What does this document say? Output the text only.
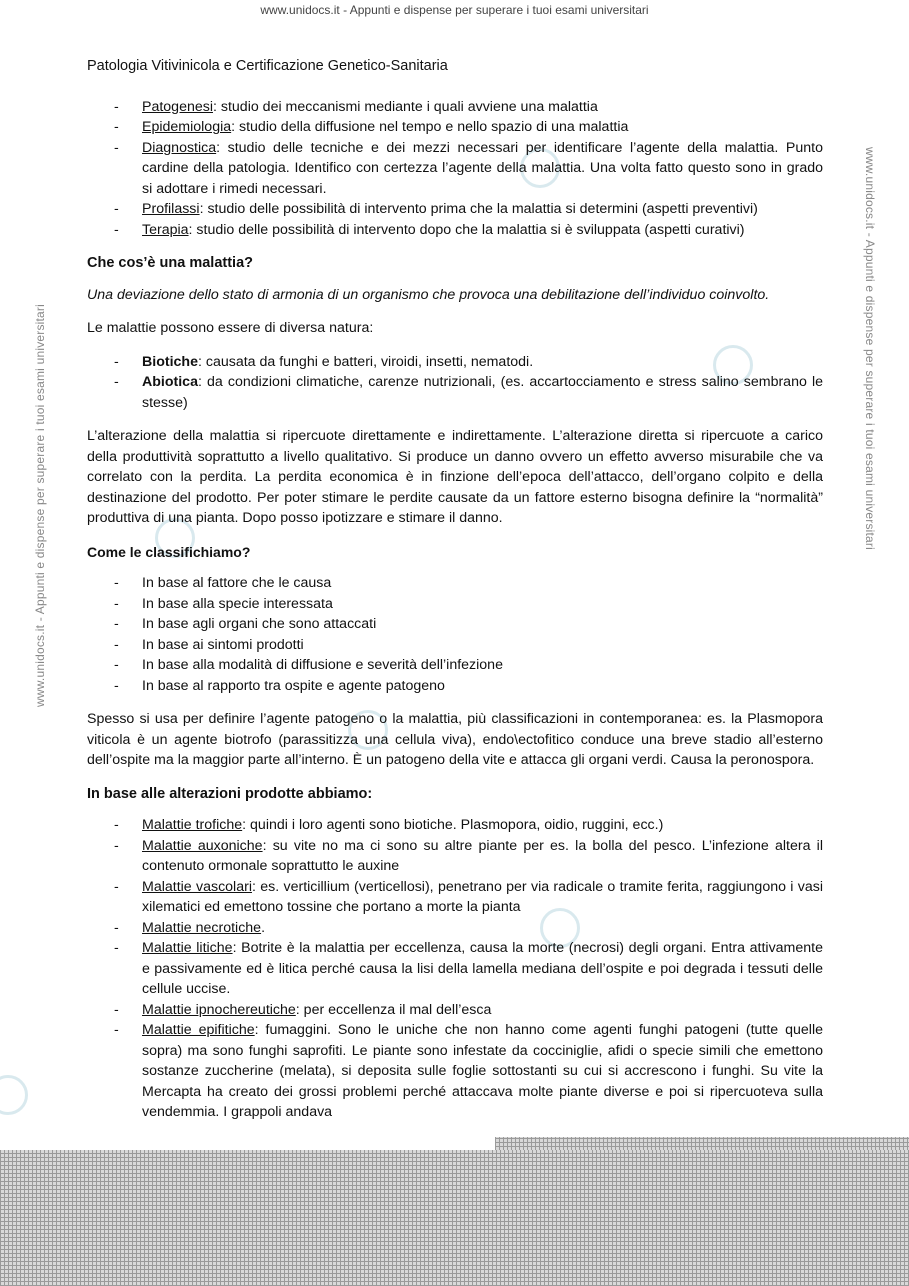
www.unidocs.it - Appunti e dispense per superare i tuoi esami universitari
www.unidocs.it - Appunti e dispense per superare i tuoi esami universitari	www.unidocs.it - Appunti e dispense per superare i tuoi esami universitari
Patologia Vitivinicola e Certificazione Genetico-Sanitaria
- Patogenesi: studio dei meccanismi mediante i quali avviene una malattia
- Epidemiologia: studio della diffusione nel tempo e nello spazio di una malattia
- Diagnostica: studio delle tecniche e dei mezzi necessari per identificare l’agente della malattia. Punto cardine della patologia. Identifico con certezza l’agente della malattia. Una volta fatto questo sono in grado si adottare i rimedi necessari.
- Profilassi: studio delle possibilità di intervento prima che la malattia si determini (aspetti preventivi)
- Terapia: studio delle possibilità di intervento dopo che la malattia si è sviluppata (aspetti curativi)
Che cos’è una malattia?

Una deviazione dello stato di armonia di un organismo che provoca una debilitazione dell’individuo coinvolto.

Le malattie possono essere di diversa natura:

- Biotiche: causata da funghi e batteri, viroidi, insetti, nematodi.
- Abiotica: da condizioni climatiche, carenze nutrizionali, (es. accartocciamento e stress salino sembrano le stesse)

L’alterazione della malattia si ripercuote direttamente e indirettamente. L’alterazione diretta si ripercuote a carico della produttività soprattutto a livello qualitativo. Si produce un danno ovvero un effetto avverso misurabile che va correlato con la perdita. La perdita economica è in finzione dell’epoca dell’attacco, dell’organo colpito e della destinazione del prodotto. Per poter stimare le perdite causate da un fattore esterno bisogna definire la “normalità” produttiva di una pianta. Dopo posso ipotizzare e stimare il danno.

Come le classifichiamo?
- In base al fattore che le causa
- In base alla specie interessata
- In base agli organi che sono attaccati
- In base ai sintomi prodotti
- In base alla modalità di diffusione e severità dell’infezione
- In base al rapporto tra ospite e agente patogeno

Spesso si usa per definire l’agente patogeno o la malattia, più classificazioni in contemporanea: es. la Plasmopora viticola è un agente biotrofo (parassitizza una cellula viva), endo\ectofitico conduce una breve stadio all’esterno dell’ospite ma la maggior parte all’interno. È un patogeno della vite e attacca gli organi verdi. Causa la peronospora.

In base alle alterazioni prodotte abbiamo:
- Malattie trofiche: quindi i loro agenti sono biotiche. Plasmopora, oidio, ruggini, ecc.)
- Malattie auxoniche: su vite no ma ci sono su altre piante per es. la bolla del pesco. L’infezione altera il contenuto ormonale soprattutto le auxine
- Malattie vascolari: es. verticillium (verticellosi), penetrano per via radicale o tramite ferita, raggiungono i vasi xilematici ed emettono tossine che portano a morte la pianta
- Malattie necrotiche.
- Malattie litiche: Botrite è la malattia per eccellenza, causa la morte (necrosi) degli organi. Entra attivamente e passivamente ed è litica perché causa la lisi della lamella mediana dell’ospite e poi degrada i tessuti delle cellule uccise.
- Malattie ipnochereutiche: per eccellenza il mal dell’esca
- Malattie epifitiche: fumaggini. Sono le uniche che non hanno come agenti funghi patogeni (tutte quelle sopra) ma sono funghi saprofiti. Le piante sono infestate da cocciniglie, afidi o specie simili che emettono sostanze zuccherine (melata), si deposita sulle foglie sottostanti su cui si accrescono i funghi. Su vite la Mercapta ha creato dei grossi problemi perché attaccava molte piante diverse e poi si ripercuoteva sulla vendemmia. I grappoli andava
